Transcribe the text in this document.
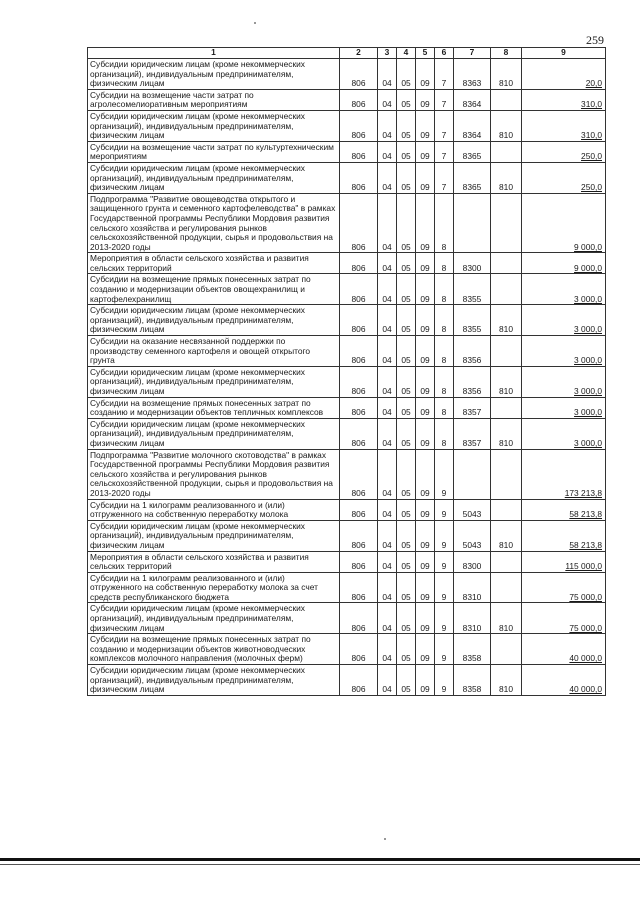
259
1	2	3	4	5	6	7	8	9
Субсидии юридическим лицам (кроме некоммерческих организаций), индивидуальным предпринимателям, физическим лицам	806	04	05	09	7	8363	810	20,0
Субсидии на возмещение части затрат по агролесомелиоративным мероприятиям	806	04	05	09	7	8364		310,0
Субсидии юридическим лицам (кроме некоммерческих организаций), индивидуальным предпринимателям, физическим лицам	806	04	05	09	7	8364	810	310,0
Субсидии на возмещение части затрат по культуртехническим мероприятиям	806	04	05	09	7	8365		250,0
Субсидии юридическим лицам (кроме некоммерческих организаций), индивидуальным предпринимателям, физическим лицам	806	04	05	09	7	8365	810	250,0
Подпрограмма "Развитие овощеводства открытого и защищенного грунта и семенного картофелеводства" в рамках Государственной программы Республики Мордовия развития сельского хозяйства и регулирования рынков сельскохозяйственной продукции, сырья и продовольствия на 2013-2020 годы	806	04	05	09	8			9 000,0
Мероприятия в области сельского хозяйства и развития сельских территорий	806	04	05	09	8	8300		9 000,0
Субсидии на возмещение прямых понесенных затрат по созданию и модернизации объектов овощехранилищ и картофелехранилищ	806	04	05	09	8	8355		3 000,0
Субсидии юридическим лицам (кроме некоммерческих организаций), индивидуальным предпринимателям, физическим лицам	806	04	05	09	8	8355	810	3 000,0
Субсидии на оказание несвязанной поддержки по производству семенного картофеля и овощей открытого грунта	806	04	05	09	8	8356		3 000,0
Субсидии юридическим лицам (кроме некоммерческих организаций), индивидуальным предпринимателям, физическим лицам	806	04	05	09	8	8356	810	3 000,0
Субсидии на возмещение прямых понесенных затрат по созданию и модернизации объектов тепличных комплексов	806	04	05	09	8	8357		3 000,0
Субсидии юридическим лицам (кроме некоммерческих организаций), индивидуальным предпринимателям, физическим лицам	806	04	05	09	8	8357	810	3 000,0
Подпрограмма "Развитие молочного скотоводства" в рамках Государственной программы Республики Мордовия развития сельского хозяйства и регулирования рынков сельскохозяйственной продукции, сырья и продовольствия на 2013-2020 годы	806	04	05	09	9			173 213,8
Субсидии на 1 килограмм реализованного и (или) отгруженного на собственную переработку молока	806	04	05	09	9	5043		58 213,8
Субсидии юридическим лицам (кроме некоммерческих организаций), индивидуальным предпринимателям, физическим лицам	806	04	05	09	9	5043	810	58 213,8
Мероприятия в области сельского хозяйства и развития сельских территорий	806	04	05	09	9	8300		115 000,0
Субсидии на 1 килограмм реализованного и (или) отгруженного на собственную переработку молока за счет средств республиканского бюджета	806	04	05	09	9	8310		75 000,0
Субсидии юридическим лицам (кроме некоммерческих организаций), индивидуальным предпринимателям, физическим лицам	806	04	05	09	9	8310	810	75 000,0
Субсидии на возмещение прямых понесенных затрат по созданию и модернизации объектов животноводческих комплексов молочного направления (молочных ферм)	806	04	05	09	9	8358		40 000,0
Субсидии юридическим лицам (кроме некоммерческих организаций), индивидуальным предпринимателям, физическим лицам	806	04	05	09	9	8358	810	40 000,0
